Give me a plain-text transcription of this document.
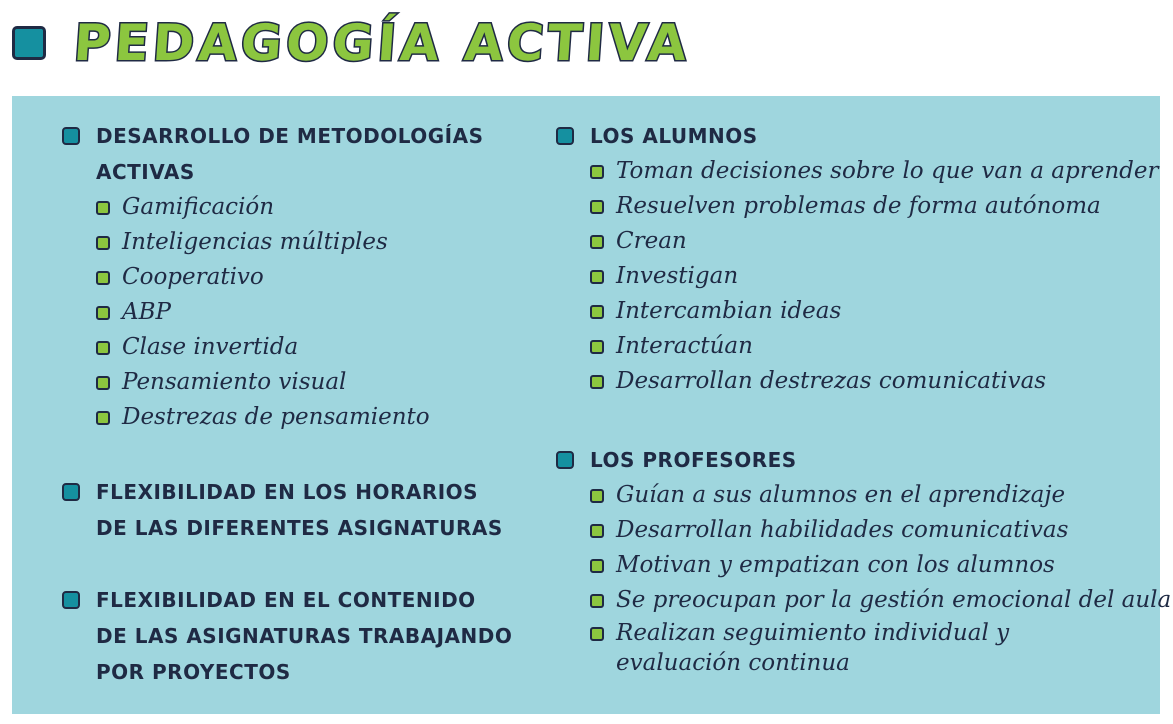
PEDAGOGÍA ACTIVA
DESARROLLO DE METODOLOGÍAS
ACTIVAS
Gamificación
Inteligencias múltiples
Cooperativo
ABP
Clase invertida
Pensamiento visual
Destrezas de pensamiento
FLEXIBILIDAD EN LOS HORARIOS
DE LAS DIFERENTES ASIGNATURAS
FLEXIBILIDAD EN EL CONTENIDO
DE LAS ASIGNATURAS TRABAJANDO
POR PROYECTOS
LOS ALUMNOS
Toman decisiones sobre lo que van a aprender
Resuelven problemas de forma autónoma
Crean
Investigan
Intercambian ideas
Interactúan
Desarrollan destrezas comunicativas
LOS PROFESORES
Guían a sus alumnos en el aprendizaje
Desarrollan habilidades comunicativas
Motivan y empatizan con los alumnos
Se preocupan por la gestión emocional del aula
Realizan seguimiento individual y evaluación continua
